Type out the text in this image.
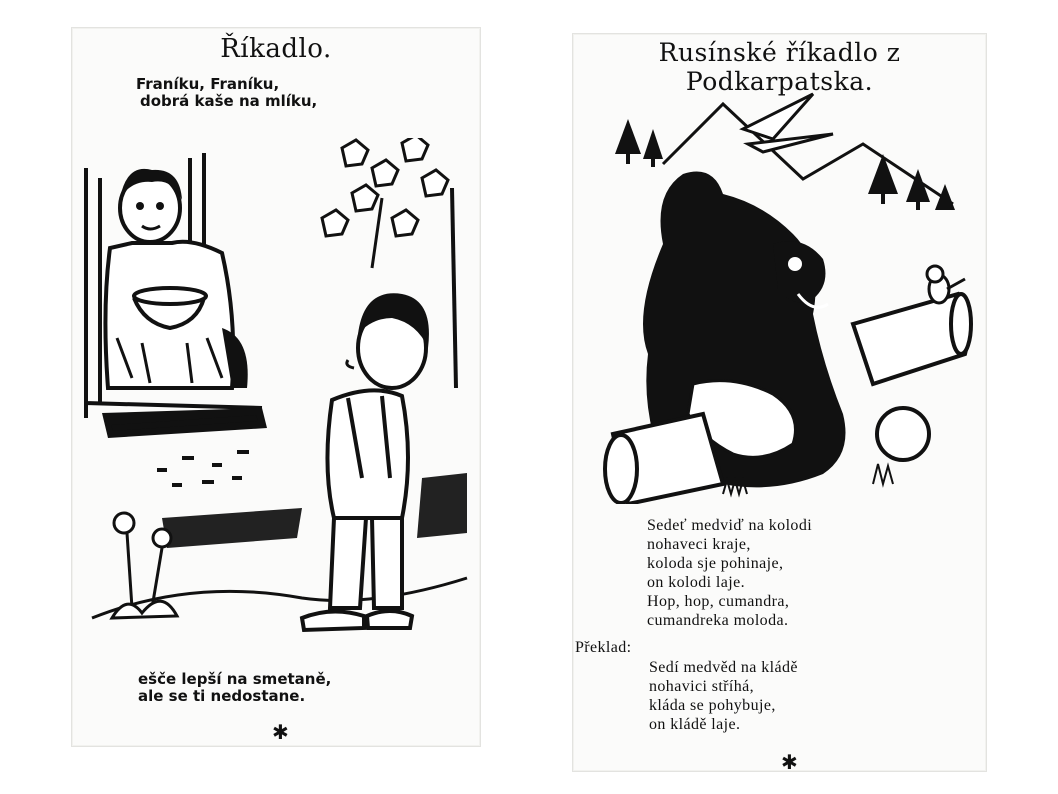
Říkadlo.
Franíku, Franíku,
dobrá kaše na mlíku,
ešče lepší na smetaně,
ale se ti nedostane.
✱
Rusínské říkadlo z Podkarpatska.
Sedeť medviď na kolodi
nohaveci kraje,
koloda sje pohinaje,
on kolodi laje.
Hop, hop, cumandra,
cumandreka moloda.
Překlad:
Sedí medvěd na kládě
nohavici stříhá,
kláda se pohybuje,
on kládě laje.
✱
